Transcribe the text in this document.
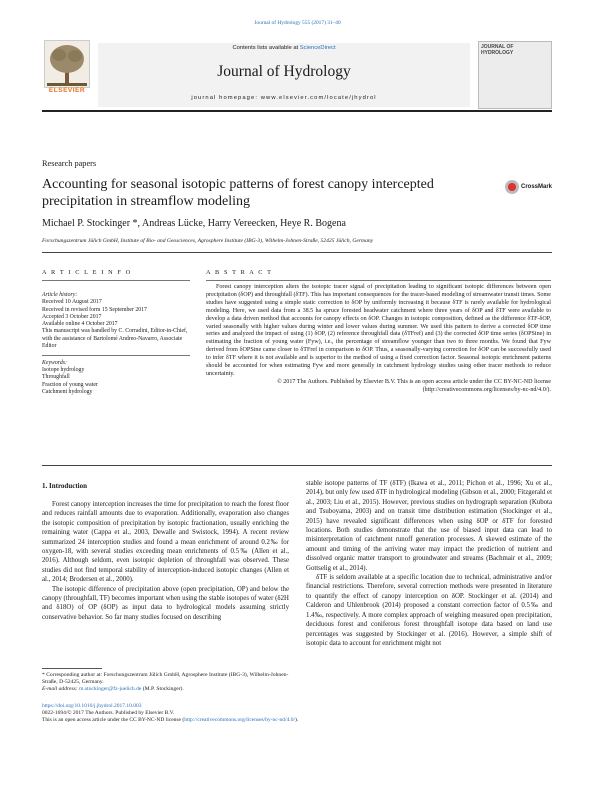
Journal of Hydrology 555 (2017) 31–40
ELSEVIER
Contents lists available at ScienceDirect
Journal of Hydrology
journal homepage: www.elsevier.com/locate/jhydrol
JOURNAL OF HYDROLOGY
Research papers
Accounting for seasonal isotopic patterns of forest canopy intercepted precipitation in streamflow modeling
CrossMark
Michael P. Stockinger *, Andreas Lücke, Harry Vereecken, Heye R. Bogena
Forschungszentrum Jülich GmbH, Institute of Bio- and Geosciences, Agrosphere Institute (IBG-3), Wilhelm-Johnen-Straße, 52425 Jülich, Germany
A R T I C L E I N F O
Article history:
Received 10 August 2017
Received in revised form 15 September 2017
Accepted 3 October 2017
Available online 4 October 2017
This manuscript was handled by C. Corradini, Editor-in-Chief, with the assistance of Bartolomé Andreo-Navarro, Associate Editor
Keywords:
Isotope hydrology
Throughfall
Fraction of young water
Catchment hydrology
A B S T R A C T

Forest canopy interception alters the isotopic tracer signal of precipitation leading to significant isotopic differences between open precipitation (δOP) and throughfall (δTF). This has important consequences for the tracer-based modeling of streamwater transit times. Some studies have suggested using a simple static correction to δOP by uniformly increasing it because δTF is rarely available for hydrological modeling. Here, we used data from a 38.5 ha spruce forested headwater catchment where three years of δOP and δTF were available to develop a data driven method that accounts for canopy effects on δOP. Changes in isotopic composition, defined as the difference δTF-δOP, varied seasonally with higher values during winter and lower values during summer. We used this pattern to derive a corrected δOP time series and analyzed the impact of using (1) δOP, (2) reference throughfall data (δTFref) and (3) the corrected δOP time series (δOPSine) in estimating the fraction of young water (Fyw), i.e., the percentage of streamflow younger than two to three months. We found that Fyw derived from δOPSine came closer to δTFref in comparison to δOP. Thus, a seasonally-varying correction for δOP can be successfully used to infer δTF where it is not available and is superior to the method of using a fixed correction factor. Seasonal isotopic enrichment patterns should be accounted for when estimating Fyw and more generally in catchment hydrology studies using other tracer methods to reduce uncertainty.

© 2017 The Authors. Published by Elsevier B.V. This is an open access article under the CC BY-NC-ND license (http://creativecommons.org/licenses/by-nc-nd/4.0/).
1. Introduction

Forest canopy interception increases the time for precipitation to reach the forest floor and reduces rainfall amounts due to evaporation. Additionally, evaporation also changes the isotopic composition of precipitation by isotopic fractionation, usually enriching the remaining water (Cappa et al., 2003, Dewalle and Swistock, 1994). A recent review summarized 24 interception studies and found a mean enrichment of around 0.2‰ for oxygen-18, with several studies exceeding mean enrichments of 0.5‰ (Allen et al., 2016). Although seldom, even isotopic depletion of throughfall was observed. These studies did not find temporal stability of interception-induced isotopic changes (Allen et al., 2014; Brodersen et al., 2000).

The isotopic difference of precipitation above (open precipitation, OP) and below the canopy (throughfall, TF) becomes important when using the stable isotopes of water (δ2H and δ18O) of OP (δOP) as input data to hydrological models assuming strictly conservative behavior. So far many studies focused on describing

stable isotope patterns of TF (δTF) (Ikawa et al., 2011; Pichon et al., 1996; Xu et al., 2014), but only few used δTF in hydrological modeling (Gibson et al., 2000; Fitzgerald et al., 2003; Liu et al., 2015). However, previous studies on hydrograph separation (Kubota and Tsuboyama, 2003) and on transit time distribution estimation (Stockinger et al., 2015) have revealed significant differences when using δOP or δTF for forested locations. Both studies demonstrate that the use of biased input data can lead to misinterpretation of catchment runoff generation processes. A skewed estimate of the amount and timing of the arriving water may impact the prediction of nutrient and dissolved organic matter transport to groundwater and streams (Bachmair et al., 2009; Gottselig et al., 2014).

δTF is seldom available at a specific location due to technical, administrative and/or financial restrictions. Therefore, several correction methods were presented in literature to quantify the effect of canopy interception on δOP. Stockinger et al. (2014) and Calderon and Uhlenbrook (2014) proposed a constant correction factor of 0.5‰ and 1.4‰, respectively. A more complex approach of weighing measured open precipitation, deciduous forest and coniferous forest throughfall isotope data based on land use percentages was suggested by Stockinger et al. (2016). However, a simple shift of isotopic data to account for enrichment might not

* Corresponding author at: Forschungszentrum Jülich GmbH, Agrosphere Institute (IBG-3), Wilhelm-Johnen-Straße, D-52425, Germany.
E-mail address: m.stockinger@fz-juelich.de (M.P. Stockinger).
https://doi.org/10.1016/j.jhydrol.2017.10.003
0022-1694/© 2017 The Authors. Published by Elsevier B.V.
This is an open access article under the CC BY-NC-ND license (http://creativecommons.org/licenses/by-nc-nd/4.0/).
